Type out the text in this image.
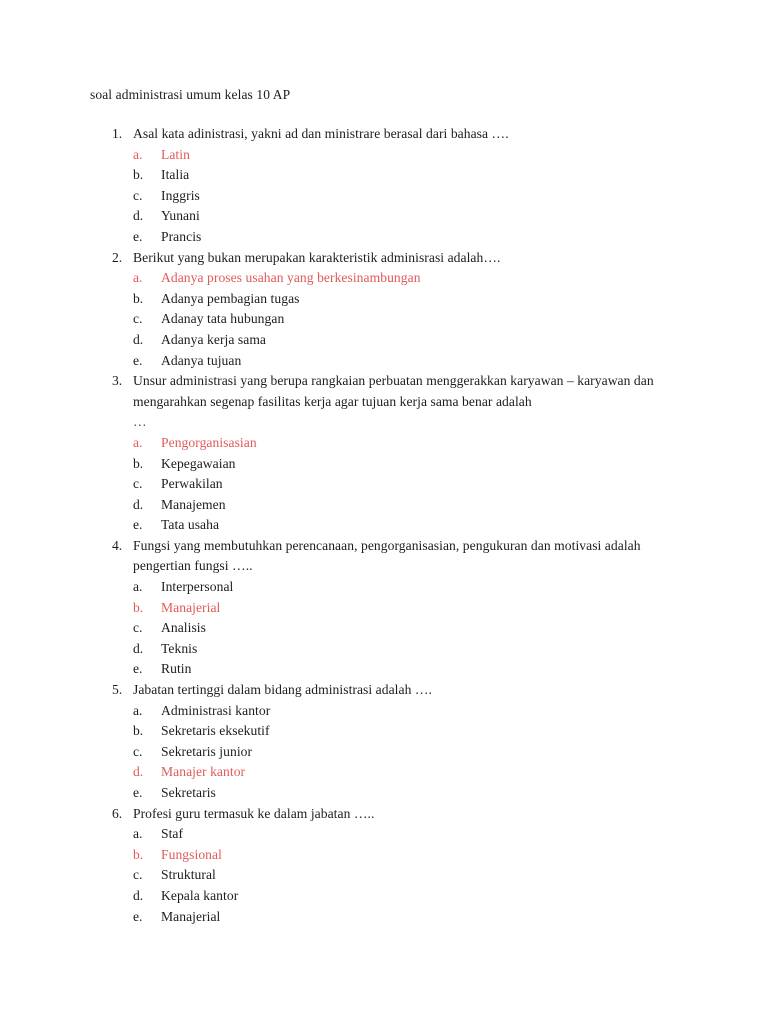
soal administrasi umum kelas 10 AP
1. Asal kata adinistrasi, yakni ad dan ministrare berasal dari bahasa ….
a.	Latin
b.	Italia
c.	Inggris
d.	Yunani
e.	Prancis
2. Berikut yang bukan merupakan karakteristik adminisrasi adalah….
a.	Adanya proses usahan yang berkesinambungan
b.	Adanya pembagian tugas
c.	Adanay tata hubungan
d.	Adanya kerja sama
e.	Adanya tujuan
3. Unsur administrasi yang berupa rangkaian perbuatan menggerakkan karyawan – karyawan dan mengarahkan segenap fasilitas kerja agar tujuan kerja sama benar adalah
…
a.	Pengorganisasian
b.	Kepegawaian
c.	Perwakilan
d.	Manajemen
e.	Tata usaha
4. Fungsi yang membutuhkan perencanaan, pengorganisasian, pengukuran dan motivasi adalah pengertian fungsi …..
a.	Interpersonal
b.	Manajerial
c.	Analisis
d.	Teknis
e.	Rutin
5. Jabatan tertinggi dalam bidang administrasi adalah ….
a.	Administrasi kantor
b.	Sekretaris eksekutif
c.	Sekretaris junior
d.	Manajer kantor
e.	Sekretaris
6. Profesi guru termasuk ke dalam jabatan …..
a.	Staf
b.	Fungsional
c.	Struktural
d.	Kepala kantor
e.	Manajerial
